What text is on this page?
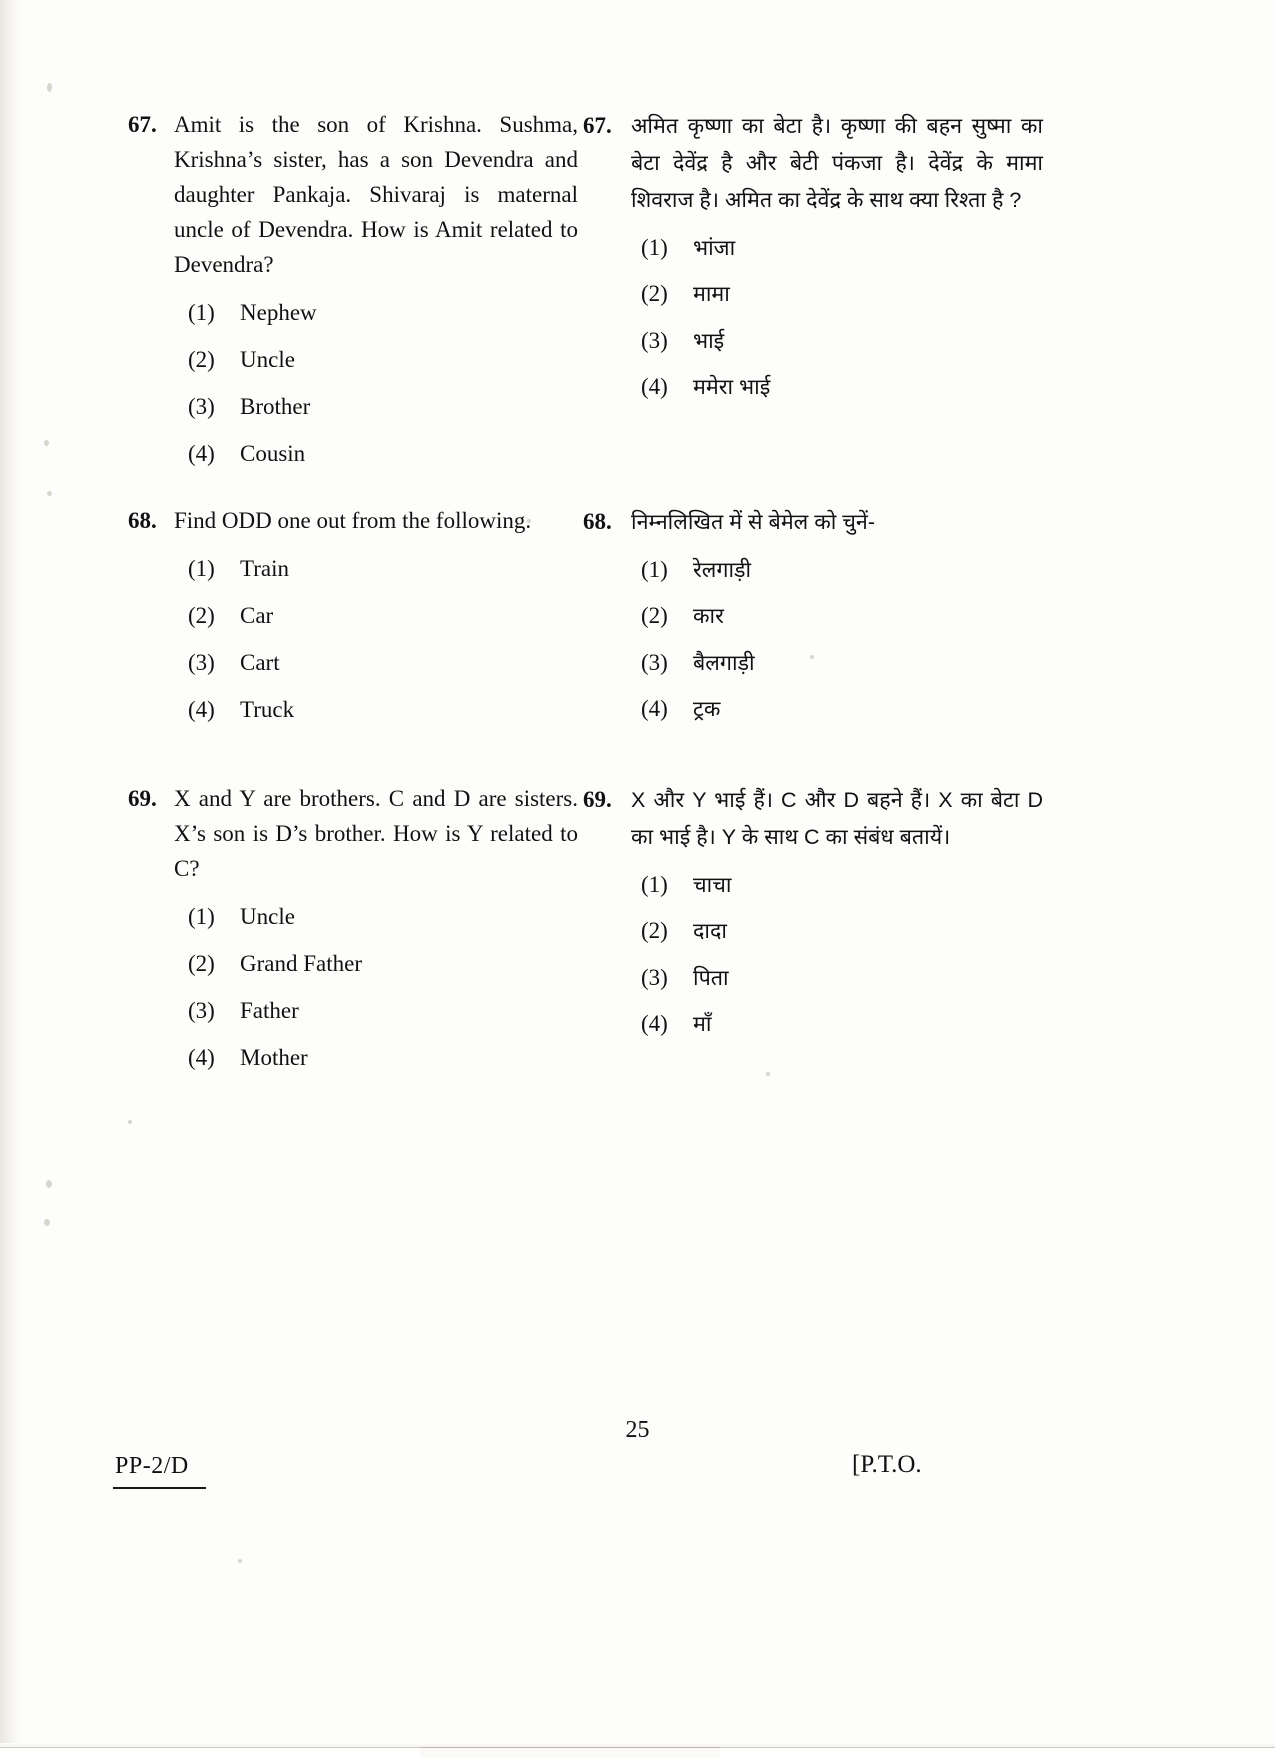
67. Amit is the son of Krishna. Sushma, Krishna’s sister, has a son Devendra and daughter Pankaja. Shivaraj is maternal uncle of Devendra. How is Amit related to Devendra?
(1)	Nephew
(2)	Uncle
(3)	Brother
(4)	Cousin
67. अमित कृष्णा का बेटा है। कृष्णा की बहन सुष्मा का बेटा देवेंद्र है और बेटी पंकजा है। देवेंद्र के मामा शिवराज है। अमित का देवेंद्र के साथ क्या रिश्ता है ?
(1)	भांजा
(2)	मामा
(3)	भाई
(4)	ममेरा भाई
68. Find ODD one out from the following.
(1)	Train
(2)	Car
(3)	Cart
(4)	Truck
68. निम्नलिखित में से बेमेल को चुनें-
(1)	रेलगाड़ी
(2)	कार
(3)	बैलगाड़ी
(4)	ट्रक
69. X and Y are brothers. C and D are sisters. X’s son is D’s brother. How is Y related to C?
(1)	Uncle
(2)	Grand Father
(3)	Father
(4)	Mother
69. X और Y भाई हैं। C और D बहने हैं। X का बेटा D का भाई है। Y के साथ C का संबंध बतायें।
(1)	चाचा
(2)	दादा
(3)	पिता
(4)	माँ
25
PP-2/D	[P.T.O.
